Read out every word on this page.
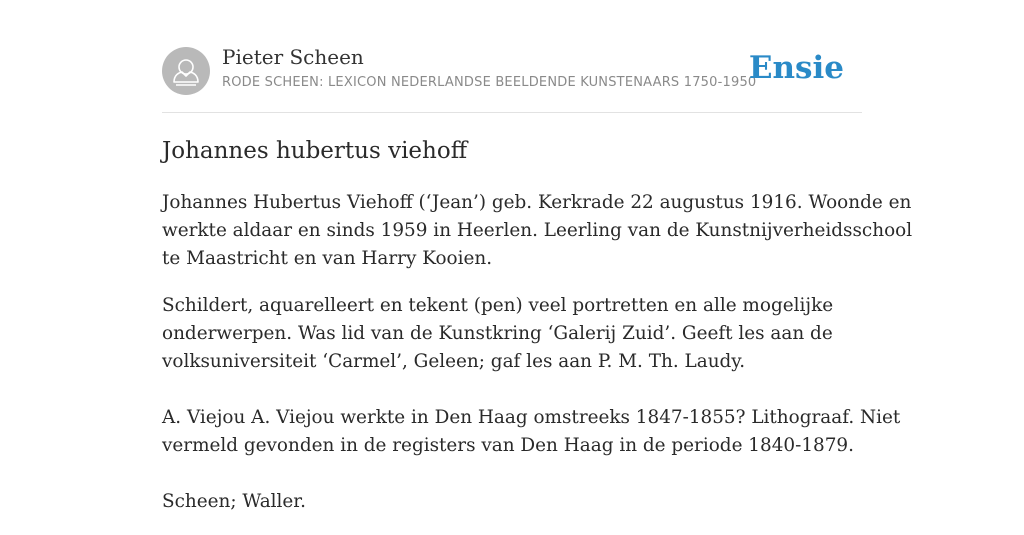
Pieter Scheen
RODE SCHEEN: LEXICON NEDERLANDSE BEELDENDE KUNSTENAARS 1750-1950
Ensie
Johannes hubertus viehoff

Johannes Hubertus Viehoff (‘Jean’) geb. Kerkrade 22 augustus 1916. Woonde en
werkte aldaar en sinds 1959 in Heerlen. Leerling van de Kunstnijverheidsschool
te Maastricht en van Harry Kooien.

Schildert, aquarelleert en tekent (pen) veel portretten en alle mogelijke
onderwerpen. Was lid van de Kunstkring ‘Galerij Zuid’. Geeft les aan de
volksuniversiteit ‘Carmel’, Geleen; gaf les aan P. M. Th. Laudy.

A. Viejou A. Viejou werkte in Den Haag omstreeks 1847-1855? Lithograaf. Niet
vermeld gevonden in de registers van Den Haag in de periode 1840-1879.

Scheen; Waller.
